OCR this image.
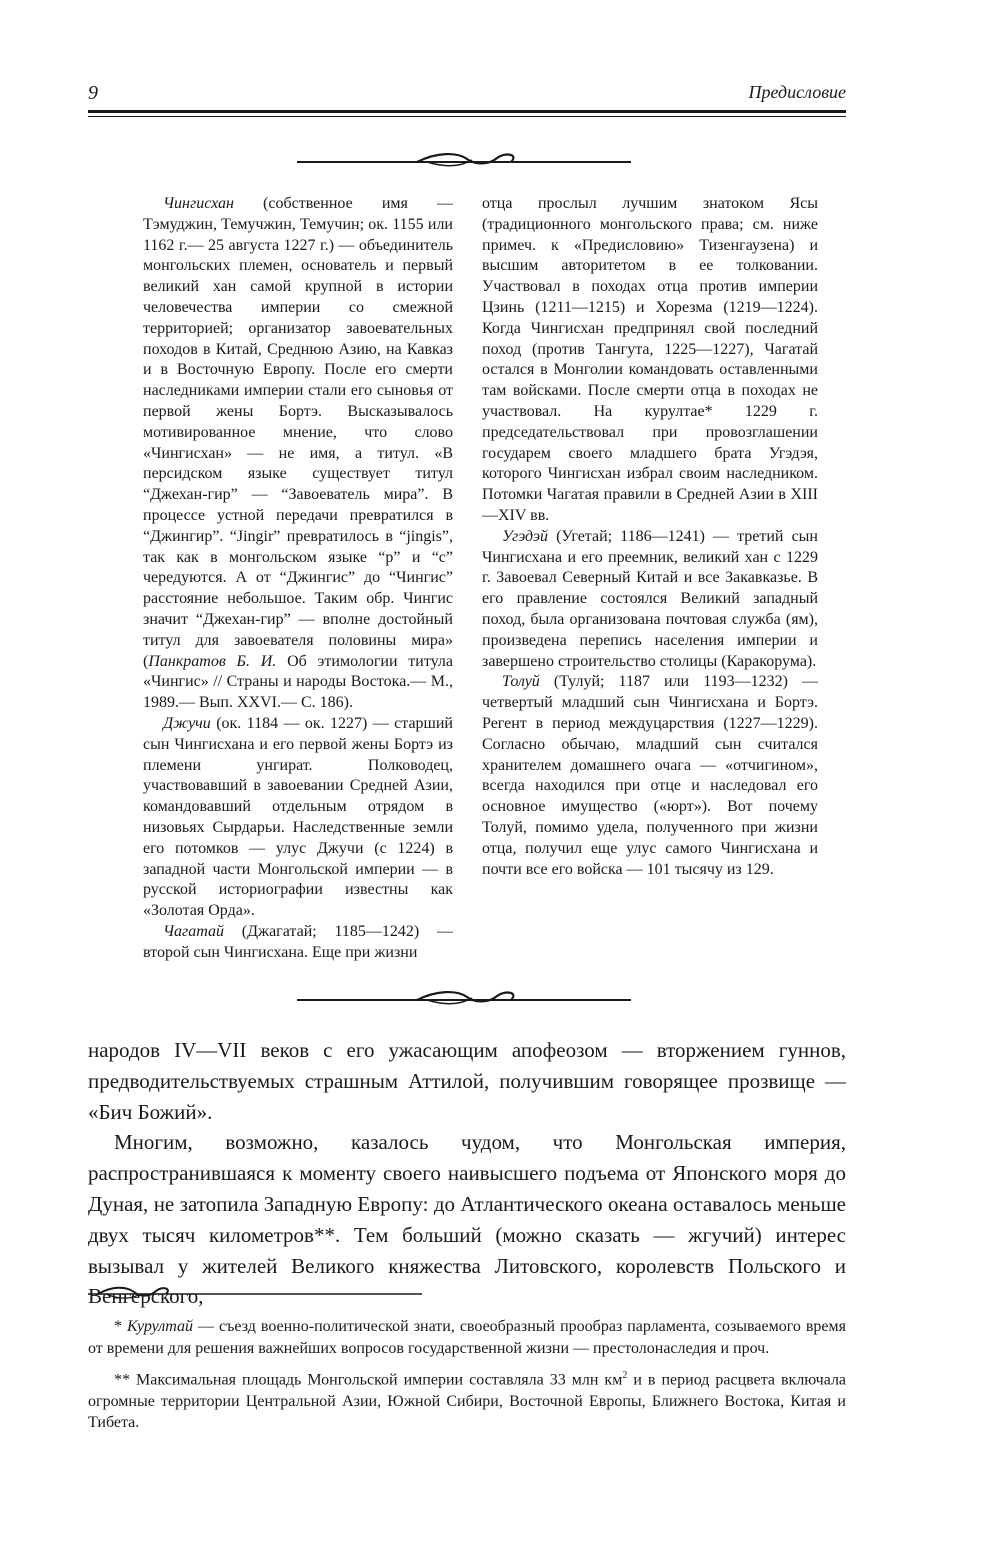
9	Предисловие

Чингисхан (собственное имя — Тэмуджин, Темучжин, Темучин; ок. 1155 или 1162 г.— 25 августа 1227 г.) — объединитель монгольских племен, основатель и первый великий хан самой крупной в истории человечества империи со смежной территорией; организатор завоевательных походов в Китай, Среднюю Азию, на Кавказ и в Восточную Европу. После его смерти наследниками империи стали его сыновья от первой жены Бортэ. Высказывалось мотивированное мнение, что слово «Чингисхан» — не имя, а титул. «В персидском языке существует титул “Джехан-гир” — “Завоеватель мира”. В процессе устной передачи превратился в “Джингир”. “Jingir” превратилось в “jingis”, так как в монгольском языке “р” и “с” чередуются. А от “Джингис” до “Чингис” расстояние небольшое. Таким обр. Чингис значит “Джехан-гир” — вполне достойный титул для завоевателя половины мира» (Панкратов Б. И. Об этимологии титула «Чингис» // Страны и народы Востока.— М., 1989.— Вып. XXVI.— С. 186).

Джучи (ок. 1184 — ок. 1227) — старший сын Чингисхана и его первой жены Бортэ из племени унгират. Полководец, участвовавший в завоевании Средней Азии, командовавший отдельным отрядом в низовьях Сырдарьи. Наследственные земли его потомков — улус Джучи (с 1224) в западной части Монгольской империи — в русской историографии известны как «Золотая Орда».

Чагатай (Джагатай; 1185—1242) — второй сын Чингисхана. Еще при жизни

отца прослыл лучшим знатоком Ясы (традиционного монгольского права; см. ниже примеч. к «Предисловию» Тизенгаузена) и высшим авторитетом в ее толковании. Участвовал в походах отца против империи Цзинь (1211—1215) и Хорезма (1219—1224). Когда Чингисхан предпринял свой последний поход (против Тангута, 1225—1227), Чагатай остался в Монголии командовать оставленными там войсками. После смерти отца в походах не участвовал. На курултае* 1229 г. председательствовал при провозглашении государем своего младшего брата Угэдэя, которого Чингисхан избрал своим наследником. Потомки Чагатая правили в Средней Азии в XIII—XIV вв.

Угэдэй (Угетай; 1186—1241) — третий сын Чингисхана и его преемник, великий хан с 1229 г. Завоевал Северный Китай и все Закавказье. В его правление состоялся Великий западный поход, была организована почтовая служба (ям), произведена перепись населения империи и завершено строительство столицы (Каракорума).

Толуй (Тулуй; 1187 или 1193—1232) — четвертый младший сын Чингисхана и Бортэ. Регент в период междуцарствия (1227—1229). Согласно обычаю, младший сын считался хранителем домашнего очага — «отчигином», всегда находился при отце и наследовал его основное имущество («юрт»). Вот почему Толуй, помимо удела, полученного при жизни отца, получил еще улус самого Чингисхана и почти все его войска — 101 тысячу из 129.

народов IV—VII веков с его ужасающим апофеозом — вторжением гуннов, предводительствуемых страшным Аттилой, получившим говорящее прозвище — «Бич Божий».

Многим, возможно, казалось чудом, что Монгольская империя, распространившаяся к моменту своего наивысшего подъема от Японского моря до Дуная, не затопила Западную Европу: до Атлантического океана оставалось меньше двух тысяч километров**. Тем больший (можно сказать — жгучий) интерес вызывал у жителей Великого княжества Литовского, королевств Польского и Венгерского,

* Курултай — съезд военно-политической знати, своеобразный прообраз парламента, созываемого время от времени для решения важнейших вопросов государственной жизни — престолонаследия и проч.

** Максимальная площадь Монгольской империи составляла 33 млн $км^2$ и в период расцвета включала огромные территории Центральной Азии, Южной Сибири, Восточной Европы, Ближнего Востока, Китая и Тибета.
